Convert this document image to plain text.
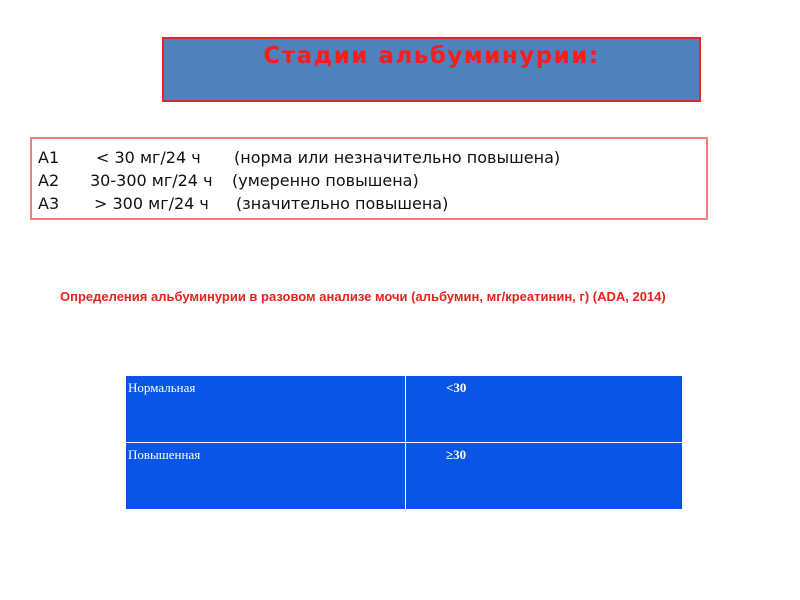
Стадии альбуминурии:
A1 < 30 мг/24 ч (норма или незначительно повышена)
A2 30-300 мг/24 ч (умеренно повышена)
A3 > 300 мг/24 ч (значительно повышена)
Определения альбуминурии в разовом анализе мочи (альбумин, мг/креатинин, г) (ADA, 2014)
Нормальная	<30
Повышенная	≥30
